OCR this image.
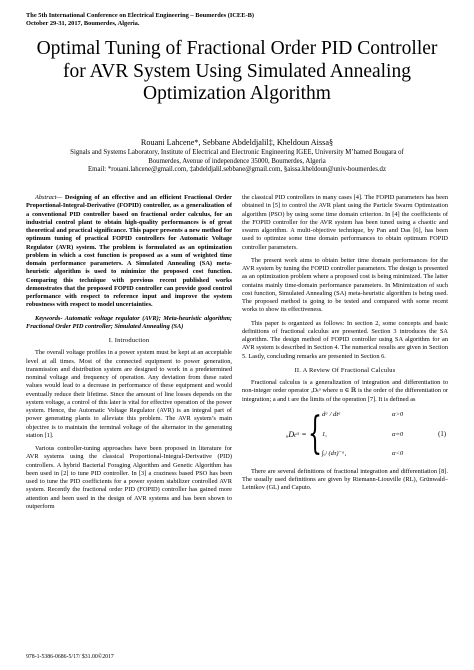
The 5th International Conference on Electrical Engineering – Boumerdes (ICEE-B)
October 29-31, 2017, Boumerdes, Algeria.
Optimal Tuning of Fractional Order PID Controller
for AVR System Using Simulated Annealing
Optimization Algorithm
Rouani Lahcene*, Sebbane Abdeldjalil‡, Kheldoun Aissa§
Signals and Systems Laboratory, Institute of Electrical and Electronic Engineering IGEE, University M’hamed Bougara of
Boumerdes, Avenue of independence 35000, Boumerdes, Algeria
Email: *rouani.lahcene@gmail.com, ‡abdeldjalil.sebbane@gmail.com, §aissa.kheldoun@univ-boumerdes.dz

Abstract— Designing of an effective and an efficient Fractional Order Proportional-Integral-Derivative (FOPID) controller, as a generalization of a conventional PID controller based on fractional order calculus, for an industrial control plant to obtain high-quality performances is of great theoretical and practical significance. This paper presents a new method for optimum tuning of practical FOPID controllers for Automatic Voltage Regulator (AVR) system. The problem is formulated as an optimization problem in which a cost function is proposed as a sum of weighted time domain performance parameters. A Simulated Annealing (SA) meta-heuristic algorithm is used to minimize the proposed cost function. Comparing this technique with previous recent published works demonstrates that the proposed FOPID controller can provide good control performance with respect to reference input and improve the system robustness with respect to model uncertainties.

Keywords- Automatic voltage regulator (AVR); Meta-heuristic algorithm; Fractional Order PID controller; Simulated Annealing (SA)

I. Introduction

The overall voltage profiles in a power system must be kept at an acceptable level at all times. Most of the connected equipment to power generation, transmission and distribution system are designed to work in a predetermined nominal voltage and frequency of operation. Any deviation from these rated values would lead to a decrease in performance of these equipment and would eventually reduce their lifetime. Since the amount of line losses depends on the system voltage, a control of this later is vital for effective operation of the power system. Hence, the Automatic Voltage Regulator (AVR) is an integral part of power generating plants to alleviate this problem. The AVR system’s main objective is to maintain the terminal voltage of the alternator in the generating station [1].

Various controller-tuning approaches have been proposed in literature for AVR systems using the classical Proportional-Integral-Derivative (PID) controllers. A hybrid Bacterial Foraging Algorithm and Genetic Algorithm has been used in [2] to tune PID controller. In [3] a craziness based PSO has been used to tune the PID coefficients for a power system stabilizer controlled AVR system. Recently the fractional order PID (FOPID) controller has gained more attention and been used in the design of AVR systems and has been shown to outperform

the classical PID controllers in many cases [4]. The FOPID parameters has been obtained in [5] to control the AVR plant using the Particle Swarm Optimization algorithm (PSO) by using some time domain criterion. In [4] the coefficients of the FOPID controller for the AVR system has been tuned using a chaotic and swarm algorithm. A multi-objective technique, by Pan and Das [6], has been used to optimize some time domain performances to obtain optimum FOPID controller parameters.

The present work aims to obtain better time domain performances for the AVR system by tuning the FOPID controller parameters. The design is presented as an optimization problem where a proposed cost is being minimized. The latter contains mainly time-domain performance parameters. In Minimization of such cost function, Simulated Annealing (SA) meta-heuristic algorithm is being used. The proposed method is going to be tested and compared with some recent works to show its effectiveness.

This paper is organized as follows: In section 2, some concepts and basic definitions of fractional calculus are presented. Section 3 introduces the SA algorithm. The design method of FOPID controller using SA algorithm for an AVR system is described in Section 4. The numerical results are given in Section 5. Lastly, concluding remarks are presented in Section 6.

II. A Review Of Fractional Calculus

Fractional calculus is a generalization of integration and differentiation to non-integer order operator ₐDₜᵅ where α ∈ ℝ is the order of the differentiation or integration; a and t are the limits of the operation [7]. It is defined as

ₐDₜᵅ = { dᵅ / dtᵅ	α>0
1,	α=0
∫ₐᵗ (dτ)⁻ᵅ,	α<0
(1)

There are several definitions of fractional integration and differentiation [8]. The usually used definitions are given by Riemann-Liouville (RL), Grünwald–Letnikov (GL) and Caputo.

978-1-5386-0686-5/17/ $31.00©2017
